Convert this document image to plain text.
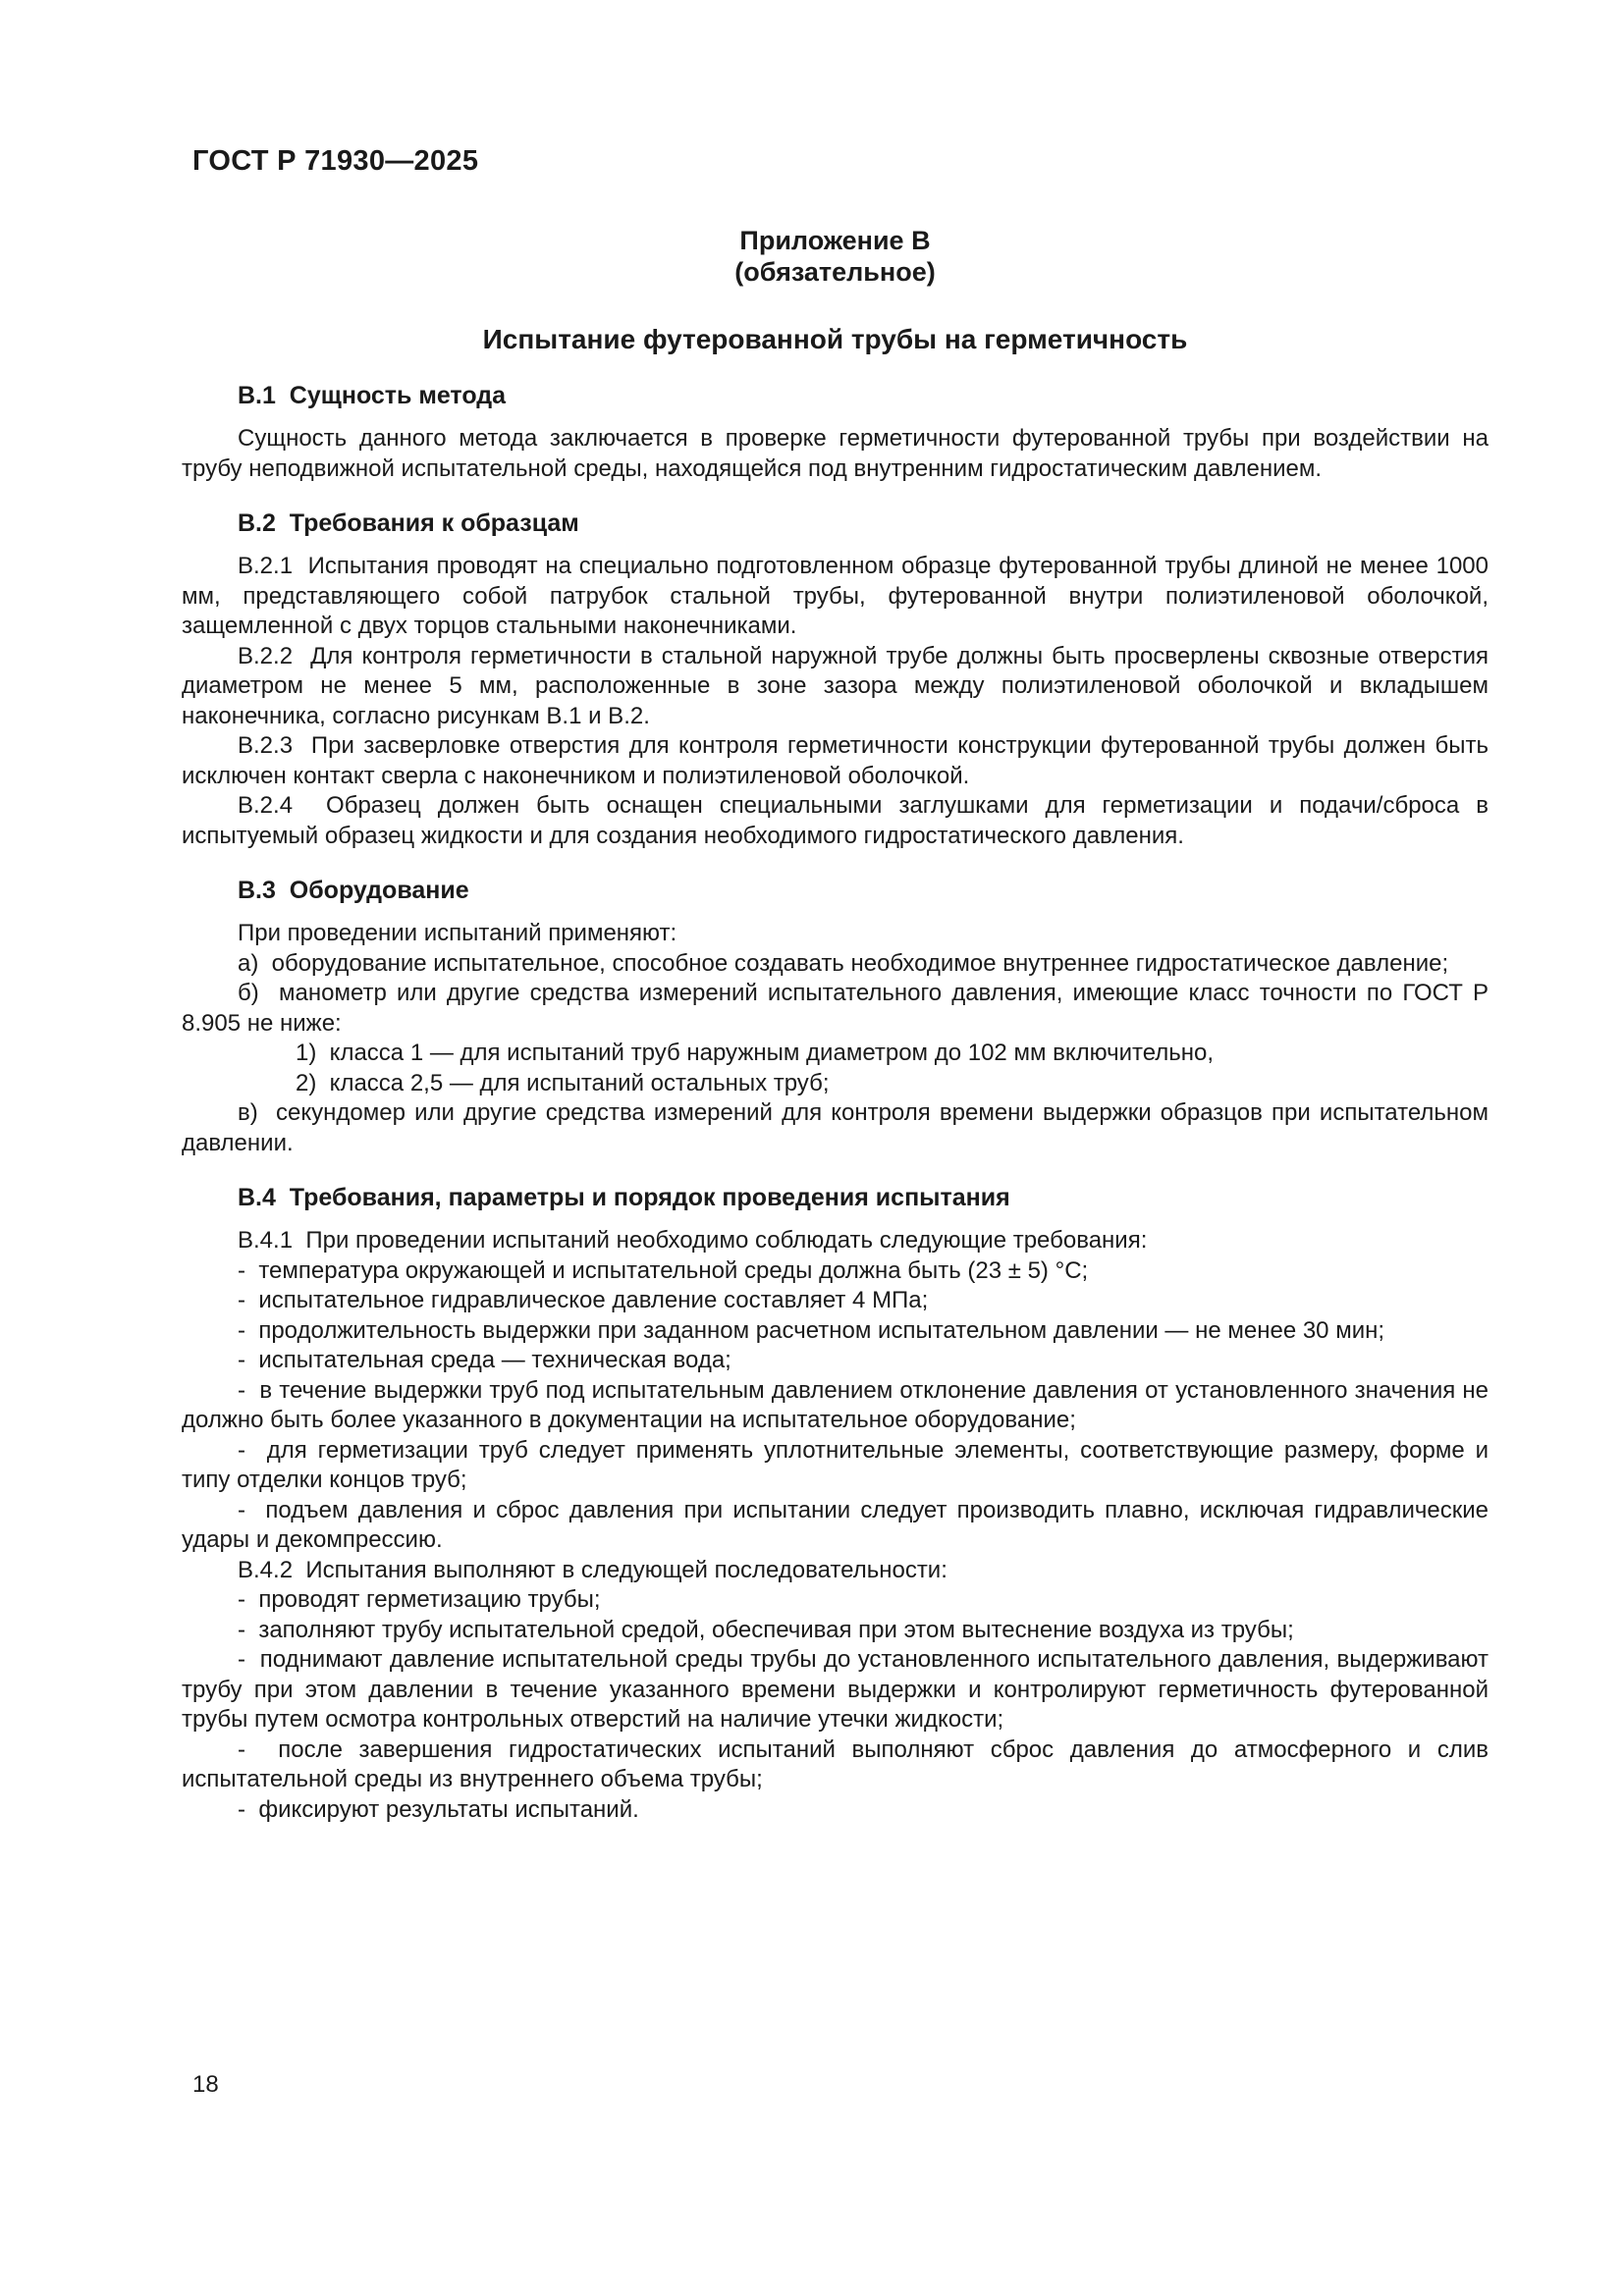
ГОСТ Р 71930—2025
Приложение В
(обязательное)
Испытание футерованной трубы на герметичность
В.1  Сущность метода

Сущность данного метода заключается в проверке герметичности футерованной трубы при воздействии на трубу неподвижной испытательной среды, находящейся под внутренним гидростатическим давлением.

В.2  Требования к образцам

В.2.1  Испытания проводят на специально подготовленном образце футерованной трубы длиной не менее 1000 мм, представляющего собой патрубок стальной трубы, футерованной внутри полиэтиленовой оболочкой, защемленной с двух торцов стальными наконечниками.

В.2.2  Для контроля герметичности в стальной наружной трубе должны быть просверлены сквозные отверстия диаметром не менее 5 мм, расположенные в зоне зазора между полиэтиленовой оболочкой и вкладышем наконечника, согласно рисункам В.1 и В.2.

В.2.3  При засверловке отверстия для контроля герметичности конструкции футерованной трубы должен быть исключен контакт сверла с наконечником и полиэтиленовой оболочкой.

В.2.4  Образец должен быть оснащен специальными заглушками для герметизации и подачи/сброса в испытуемый образец жидкости и для создания необходимого гидростатического давления.

В.3  Оборудование

При проведении испытаний применяют:

а)  оборудование испытательное, способное создавать необходимое внутреннее гидростатическое давление;

б)  манометр или другие средства измерений испытательного давления, имеющие класс точности по ГОСТ Р 8.905 не ниже:

1)  класса 1 — для испытаний труб наружным диаметром до 102 мм включительно,

2)  класса 2,5 — для испытаний остальных труб;

в)  секундомер или другие средства измерений для контроля времени выдержки образцов при испытательном давлении.

В.4  Требования, параметры и порядок проведения испытания

В.4.1  При проведении испытаний необходимо соблюдать следующие требования:

-  температура окружающей и испытательной среды должна быть (23 ± 5) °С;

-  испытательное гидравлическое давление составляет 4 МПа;

-  продолжительность выдержки при заданном расчетном испытательном давлении — не менее 30 мин;

-  испытательная среда — техническая вода;

-  в течение выдержки труб под испытательным давлением отклонение давления от установленного значения не должно быть более указанного в документации на испытательное оборудование;

-  для герметизации труб следует применять уплотнительные элементы, соответствующие размеру, форме и типу отделки концов труб;

-  подъем давления и сброс давления при испытании следует производить плавно, исключая гидравлические удары и декомпрессию.

В.4.2  Испытания выполняют в следующей последовательности:

-  проводят герметизацию трубы;

-  заполняют трубу испытательной средой, обеспечивая при этом вытеснение воздуха из трубы;

-  поднимают давление испытательной среды трубы до установленного испытательного давления, выдерживают трубу при этом давлении в течение указанного времени выдержки и контролируют герметичность футерованной трубы путем осмотра контрольных отверстий на наличие утечки жидкости;

-  после завершения гидростатических испытаний выполняют сброс давления до атмосферного и слив испытательной среды из внутреннего объема трубы;

-  фиксируют результаты испытаний.

18
